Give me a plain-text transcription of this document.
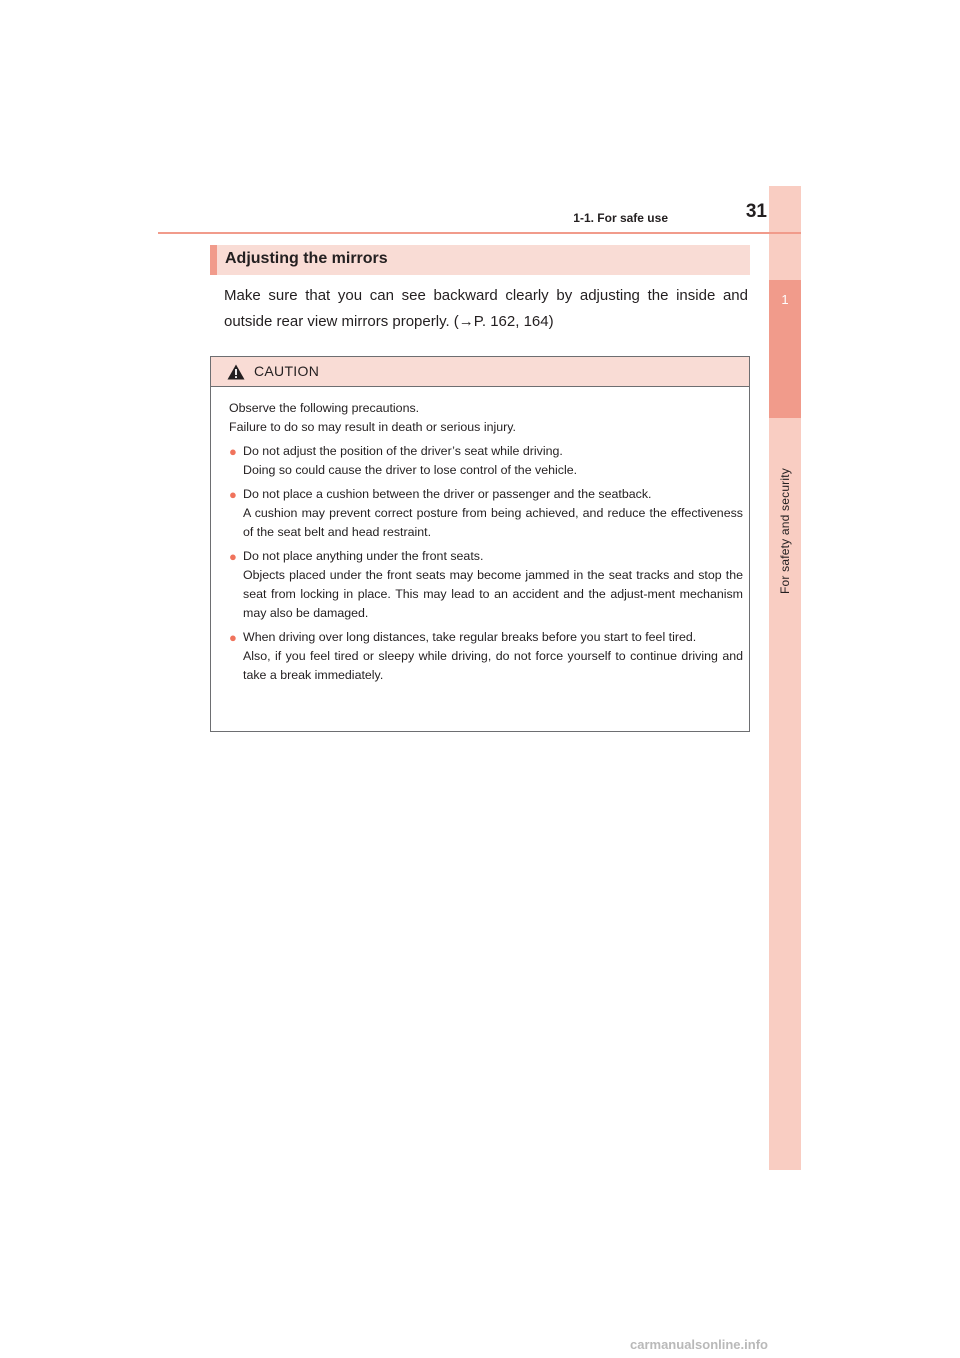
1
For safety and security
1-1. For safe use	31
Adjusting the mirrors
Make sure that you can see backward clearly by adjusting the inside and outside rear view mirrors properly. (→P. 162, 164)
CAUTION

Observe the following precautions.

Failure to do so may result in death or serious injury.

● Do not adjust the position of the driver’s seat while driving.
Doing so could cause the driver to lose control of the vehicle.
● Do not place a cushion between the driver or passenger and the seatback.
A cushion may prevent correct posture from being achieved, and reduce the effectiveness of the seat belt and head restraint.
● Do not place anything under the front seats.
Objects placed under the front seats may become jammed in the seat tracks and stop the seat from locking in place. This may lead to an accident and the adjust-ment mechanism may also be damaged.
● When driving over long distances, take regular breaks before you start to feel tired.
Also, if you feel tired or sleepy while driving, do not force yourself to continue driving and take a break immediately.
carmanualsonline.info
